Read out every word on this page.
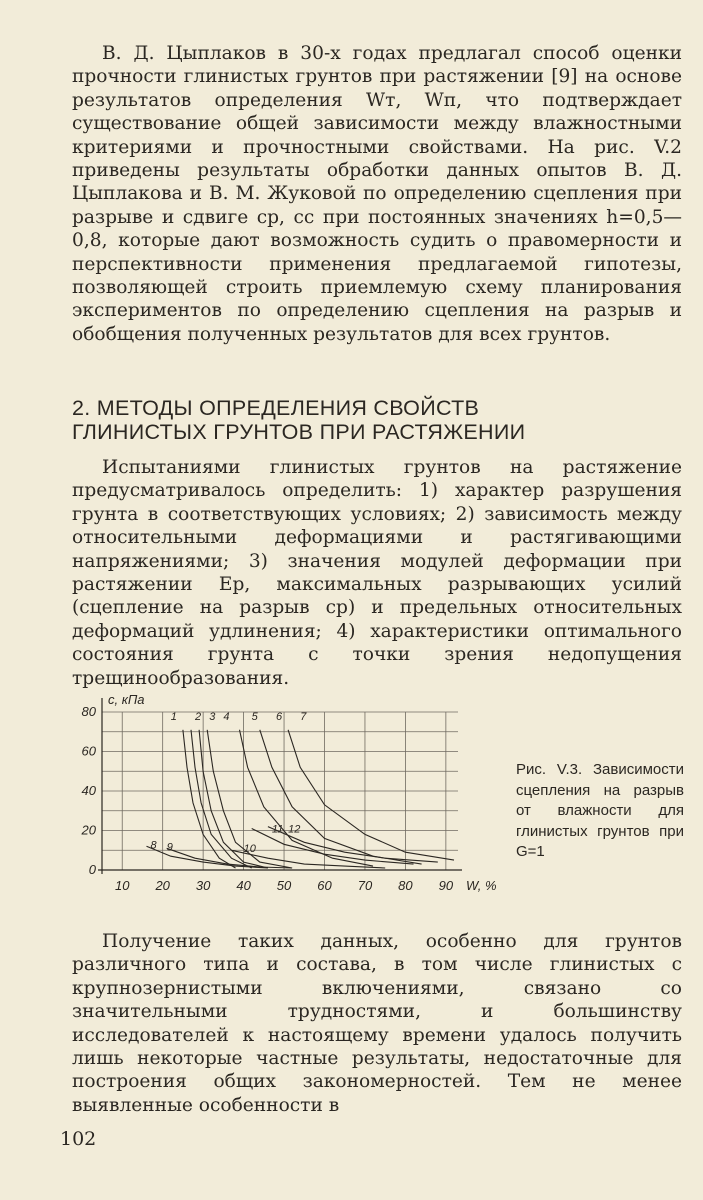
В. Д. Цыплаков в 30-х годах предлагал способ оценки прочности глинистых грунтов при растяжении [9] на основе результатов определения Wт, Wп, что подтверждает существование общей зависимости между влажностными критериями и прочностными свойствами. На рис. V.2 приведены результаты обработки данных опытов В. Д. Цыплакова и В. М. Жуковой по определению сцепления при разрыве и сдвиге cр, cс при постоянных значениях h=0,5—0,8, которые дают возможность судить о правомерности и перспективности применения предлагаемой гипотезы, позволяющей строить приемлемую схему планирования экспериментов по определению сцепления на разрыв и обобщения полученных результатов для всех грунтов.

2. МЕТОДЫ ОПРЕДЕЛЕНИЯ СВОЙСТВ
ГЛИНИСТЫХ ГРУНТОВ ПРИ РАСТЯЖЕНИИ

Испытаниями глинистых грунтов на растяжение предусматривалось определить: 1) характер разрушения грунта в соответствующих условиях; 2) зависимость между относительными деформациями и растягивающими напряжениями; 3) значения модулей деформации при растяжении Eр, максимальных разрывающих усилий (сцепление на разрыв cр) и предельных относительных деформаций удлинения; 4) характеристики оптимального состояния грунта с точки зрения недопущения трещинообразования.

0
20
40
60
80
10 20 30 40 50 60 70 80 90
c, кПа
W, %
1 2 3 4 5 6 7
8 9	10
11 12

Рис. V.3. Зависимости сцепления на разрыв от влажности для глинистых грунтов при G=1

102

Получение таких данных, особенно для грунтов различного типа и состава, в том числе глинистых с крупнозернистыми включениями, связано со значительными трудностями, и большинству исследователей к настоящему времени удалось получить лишь некоторые частные результаты, недостаточные для построения общих закономерностей. Тем не менее выявленные особенности в
